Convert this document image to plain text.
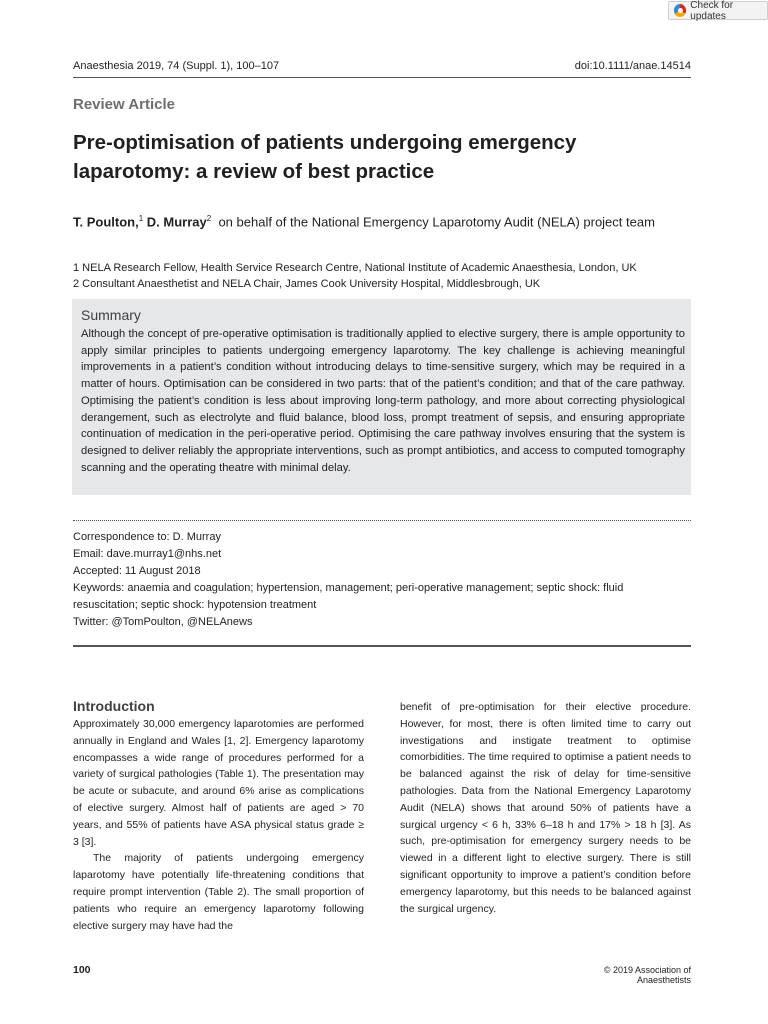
Check for updates
Anaesthesia 2019, 74 (Suppl. 1), 100–107	doi:10.1111/anae.14514
Review Article
Pre-optimisation of patients undergoing emergency laparotomy: a review of best practice
T. Poulton,$^1$ D. Murray$^2$ on behalf of the National Emergency Laparotomy Audit (NELA) project team
1 NELA Research Fellow, Health Service Research Centre, National Institute of Academic Anaesthesia, London, UK
2 Consultant Anaesthetist and NELA Chair, James Cook University Hospital, Middlesbrough, UK
Summary
Although the concept of pre-operative optimisation is traditionally applied to elective surgery, there is ample opportunity to apply similar principles to patients undergoing emergency laparotomy. The key challenge is achieving meaningful improvements in a patient’s condition without introducing delays to time-sensitive surgery, which may be required in a matter of hours. Optimisation can be considered in two parts: that of the patient’s condition; and that of the care pathway. Optimising the patient’s condition is less about improving long-term pathology, and more about correcting physiological derangement, such as electrolyte and fluid balance, blood loss, prompt treatment of sepsis, and ensuring appropriate continuation of medication in the peri-operative period. Optimising the care pathway involves ensuring that the system is designed to deliver reliably the appropriate interventions, such as prompt antibiotics, and access to computed tomography scanning and the operating theatre with minimal delay.
Correspondence to: D. Murray
Email: dave.murray1@nhs.net
Accepted: 11 August 2018
Keywords: anaemia and coagulation; hypertension, management; peri-operative management; septic shock: fluid
resuscitation; septic shock: hypotension treatment
Twitter: @TomPoulton, @NELAnews
Introduction
Approximately 30,000 emergency laparotomies are performed annually in England and Wales [1, 2]. Emergency laparotomy encompasses a wide range of procedures performed for a variety of surgical pathologies (Table 1). The presentation may be acute or subacute, and around 6% arise as complications of elective surgery. Almost half of patients are aged > 70 years, and 55% of patients have ASA physical status grade ≥ 3 [3].
The majority of patients undergoing emergency laparotomy have potentially life-threatening conditions that require prompt intervention (Table 2). The small proportion of patients who require an emergency laparotomy following elective surgery may have had the
benefit of pre-optimisation for their elective procedure. However, for most, there is often limited time to carry out investigations and instigate treatment to optimise comorbidities. The time required to optimise a patient needs to be balanced against the risk of delay for time-sensitive pathologies. Data from the National Emergency Laparotomy Audit (NELA) shows that around 50% of patients have a surgical urgency < 6 h, 33% 6–18 h and 17% > 18 h [3]. As such, pre-optimisation for emergency surgery needs to be viewed in a different light to elective surgery. There is still significant opportunity to improve a patient’s condition before emergency laparotomy, but this needs to be balanced against the surgical urgency.
100	© 2019 Association of Anaesthetists
